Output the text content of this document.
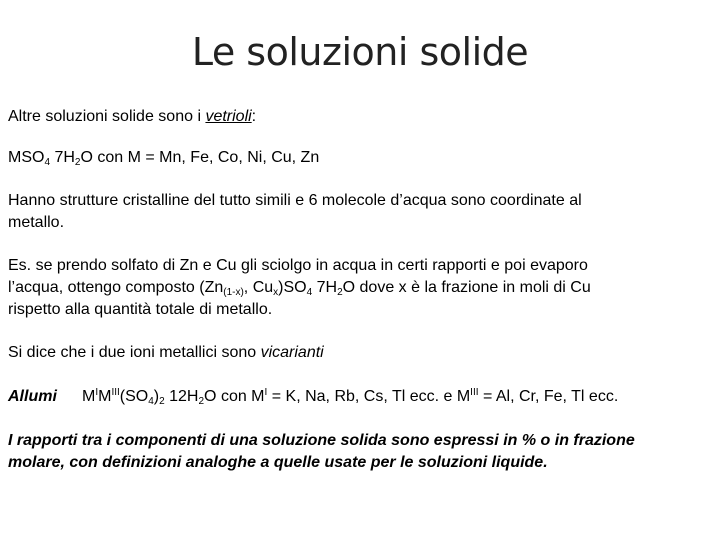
Le soluzioni solide
Altre soluzioni solide sono i vetrioli:
$MSO_4$ $7H_2O$ con M = Mn, Fe, Co, Ni, Cu, Zn
Hanno strutture cristalline del tutto simili e 6 molecole d’acqua sono coordinate al
metallo.
Es. se prendo solfato di Zn e Cu gli sciolgo in acqua in certi rapporti e poi evaporo
l’acqua, ottengo composto ($Zn_{(1-x)}$, $Cu_x)SO_4$ $7H_2O$ dove x è la frazione in moli di Cu
rispetto alla quantità totale di metallo.
Si dice che i due ioni metallici sono vicarianti
Allumi $M^IM^{III}(SO_4)_2$ $12H_2O$ con $M^I = K$, Na, Rb, Cs, Tl ecc. e $M^{III} = Al$, Cr, Fe, Tl ecc.
I rapporti tra i componenti di una soluzione solida sono espressi in % o in frazione
molare, con definizioni analoghe a quelle usate per le soluzioni liquide.
